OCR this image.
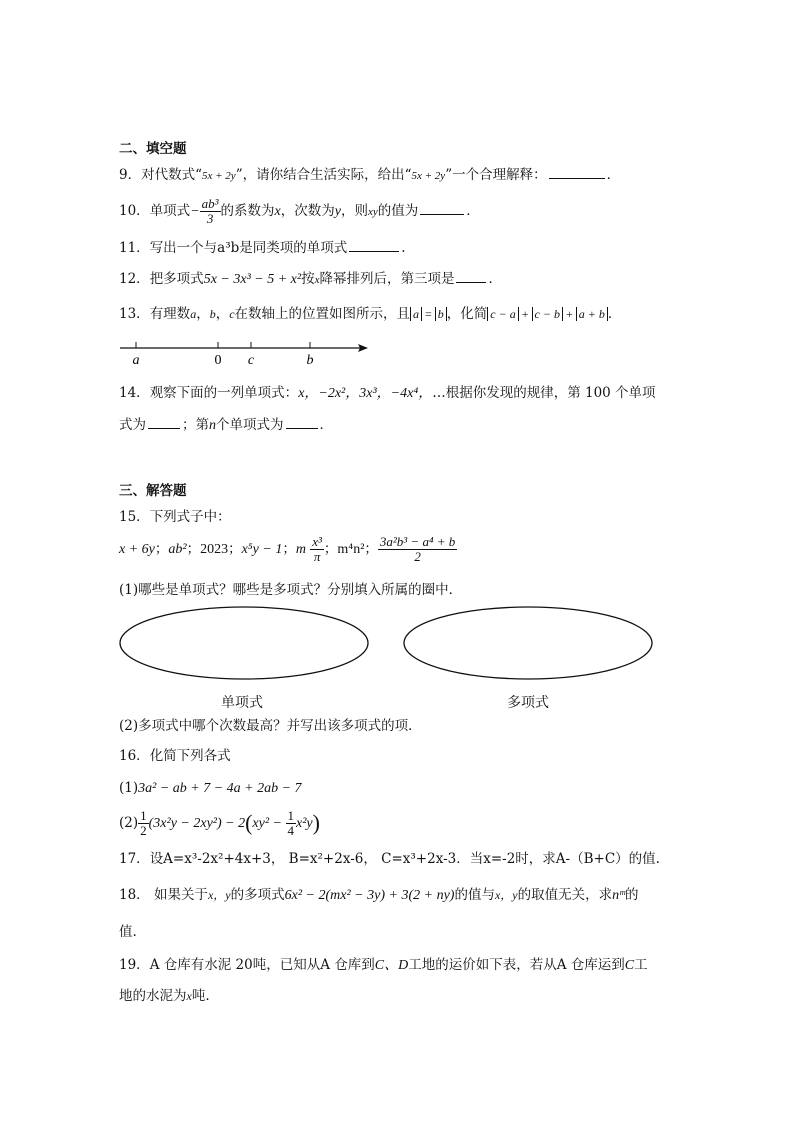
二、填空题
9．对代数式“5x + 2y”，请你结合生活实际，给出“5x + 2y”一个合理解释：	．
10．单项式− $\frac{\text{ab³}}{3}$ 的系数为x，次数为y，则xy的值为	．
11．写出一个与a³b是同类项的单项式	.
12．把多项式5x − 3x³ − 5 + x²按x降幂排列后，第三项是	．
13．有理数a，b，c在数轴上的位置如图所示，且 a = b ，化简 c − a + c − b + a + b ．
a	0 c	b
14．观察下面的一列单项式：x，−2x²，3x³，−4x⁴，…根据你发现的规律，第 100 个单项
式为	；第n个单项式为	．
三、解答题
15．下列式子中：
x + 6y；ab²；2023；x⁵y − 1；m $\frac{\text{x³}}{\pi}$ ；m⁴n²； $\frac{\text{3a²b³ − a⁴ + b}}{2}$
(1)哪些是单项式？哪些是多项式？分别填入所属的圈中．
单项式	多项式
(2)多项式中哪个次数最高？并写出该多项式的项．
16．化简下列各式
(1)3a² − ab + 7 − 4a + 2ab − 7
$(2) \frac{1}{2} (3x^2y - 2xy^2) - 2(xy^2 - \frac{1}{4} x^2y)$
17．设A=x³-2x²+4x+3， B=x²+2x-6， C=x³+2x-3．当x=-2时，求A-（B+C）的值.
18． 如果关于x，y的多项式6x² − 2(mx² − 3y) + 3(2 + ny)的值与x，y的取值无关，求nᵐ的
值.
19．A 仓库有水泥 20吨，已知从A 仓库到C、D工地的运价如下表，若从A 仓库运到C工
地的水泥为x吨.
